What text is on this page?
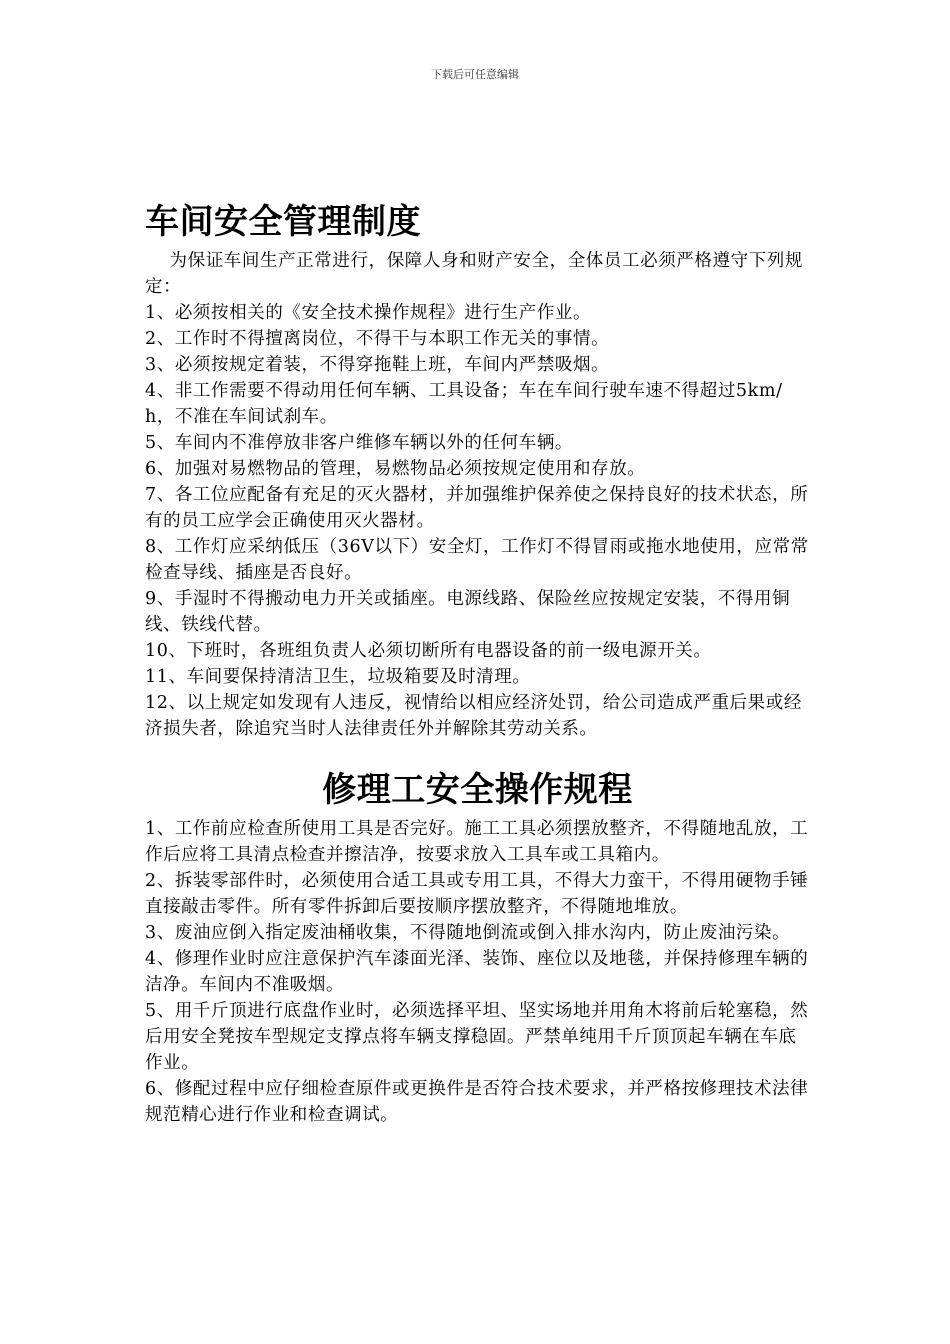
下载后可任意编辑
车间安全管理制度

为保证车间生产正常进行，保障人身和财产安全，全体员工必须严格遵守下列规定：

1、必须按相关的《安全技术操作规程》进行生产作业。

2、工作时不得擅离岗位，不得干与本职工作无关的事情。

3、必须按规定着装，不得穿拖鞋上班，车间内严禁吸烟。

4、非工作需要不得动用任何车辆、工具设备；车在车间行驶车速不得超过5km/h，不准在车间试刹车。

5、车间内不准停放非客户维修车辆以外的任何车辆。

6、加强对易燃物品的管理，易燃物品必须按规定使用和存放。

7、各工位应配备有充足的灭火器材，并加强维护保养使之保持良好的技术状态，所有的员工应学会正确使用灭火器材。

8、工作灯应采纳低压（36V以下）安全灯，工作灯不得冒雨或拖水地使用，应常常检查导线、插座是否良好。

9、手湿时不得搬动电力开关或插座。电源线路、保险丝应按规定安装，不得用铜线、铁线代替。

10、下班时，各班组负责人必须切断所有电器设备的前一级电源开关。

11、车间要保持清洁卫生，垃圾箱要及时清理。

12、以上规定如发现有人违反，视情给以相应经济处罚，给公司造成严重后果或经济损失者，除追究当时人法律责任外并解除其劳动关系。

修理工安全操作规程

1、工作前应检查所使用工具是否完好。施工工具必须摆放整齐，不得随地乱放，工作后应将工具清点检查并擦洁净，按要求放入工具车或工具箱内。

2、拆装零部件时，必须使用合适工具或专用工具，不得大力蛮干，不得用硬物手锤直接敲击零件。所有零件拆卸后要按顺序摆放整齐，不得随地堆放。

3、废油应倒入指定废油桶收集，不得随地倒流或倒入排水沟内，防止废油污染。

4、修理作业时应注意保护汽车漆面光泽、装饰、座位以及地毯，并保持修理车辆的洁净。车间内不准吸烟。

5、用千斤顶进行底盘作业时，必须选择平坦、坚实场地并用角木将前后轮塞稳，然后用安全凳按车型规定支撑点将车辆支撑稳固。严禁单纯用千斤顶顶起车辆在车底作业。

6、修配过程中应仔细检查原件或更换件是否符合技术要求，并严格按修理技术法律规范精心进行作业和检查调试。
